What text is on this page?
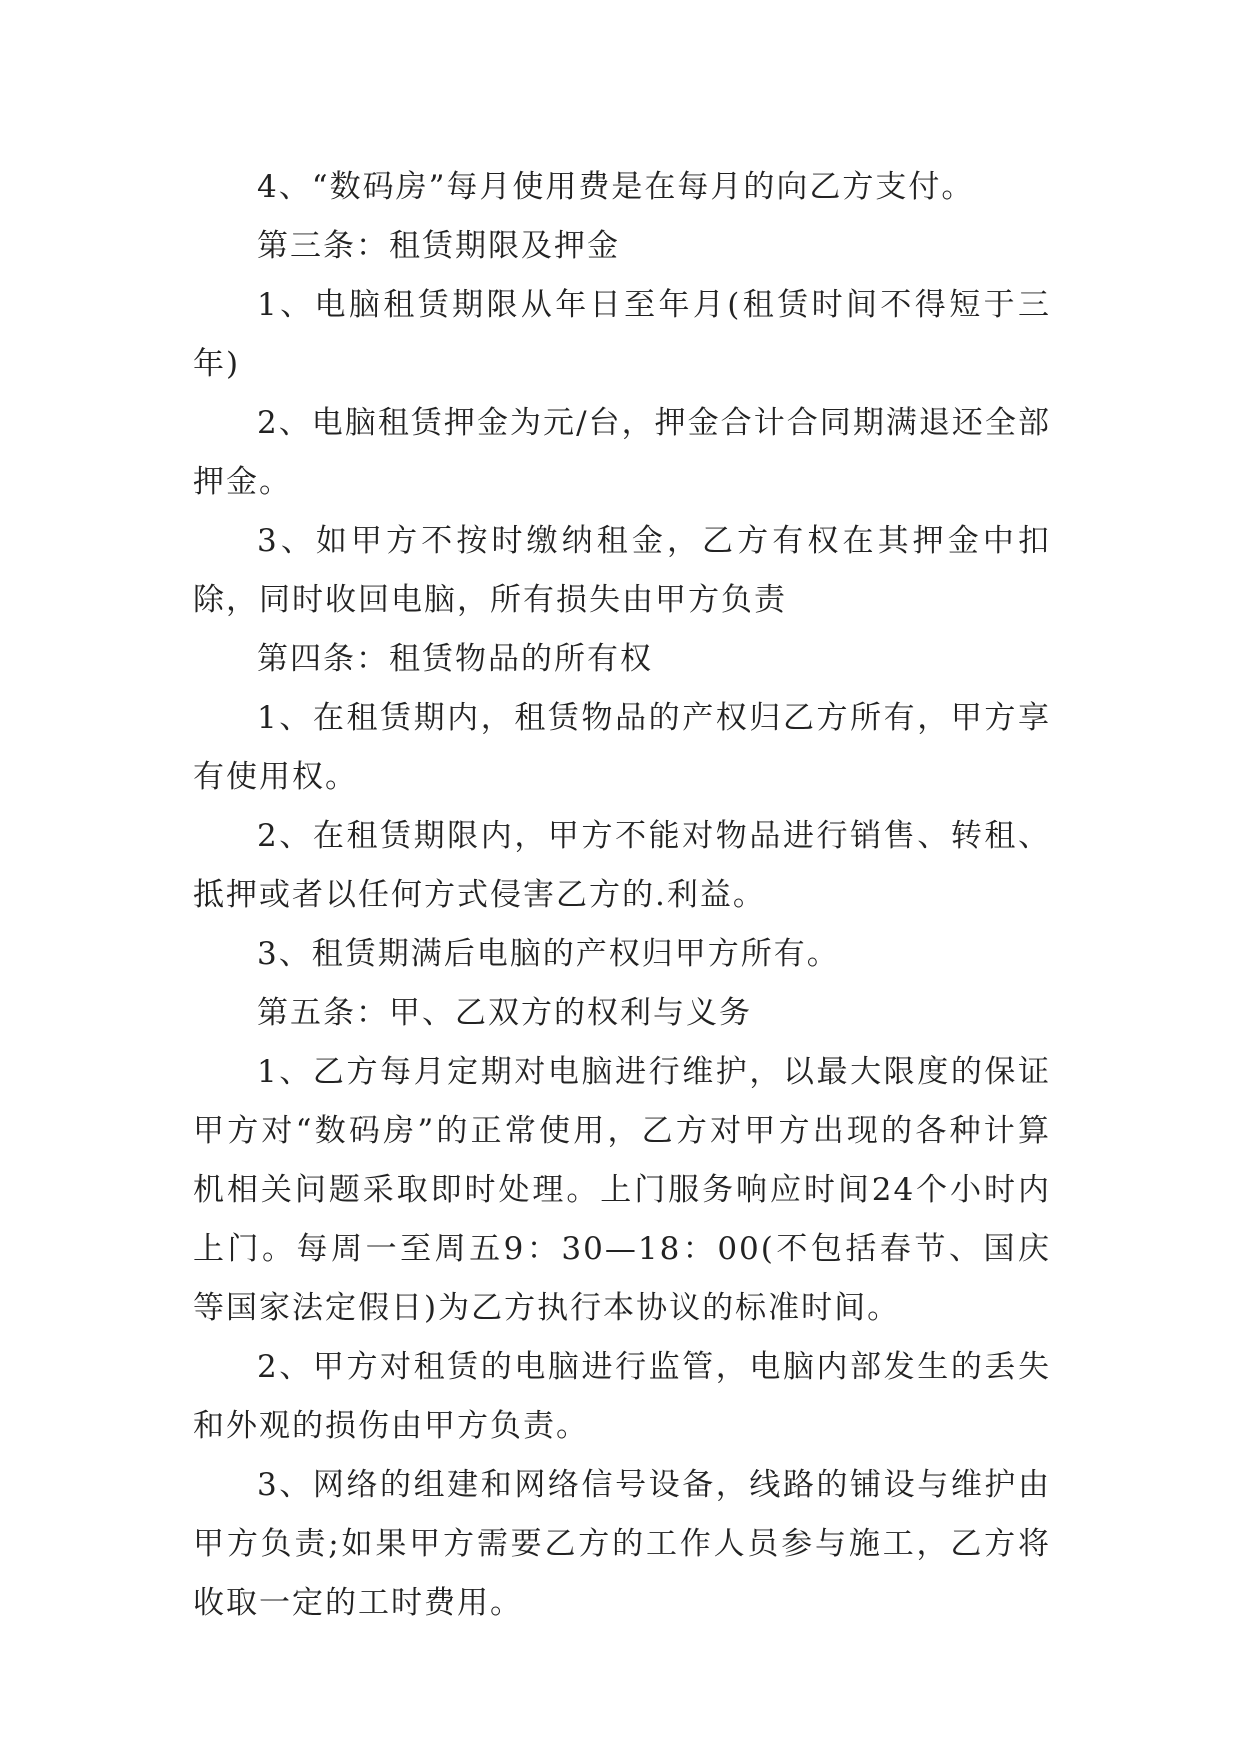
4、“数码房”每月使用费是在每月的向乙方支付。

第三条：租赁期限及押金

1、电脑租赁期限从年日至年月(租赁时间不得短于三年)

2、电脑租赁押金为元/台，押金合计合同期满退还全部押金。

3、如甲方不按时缴纳租金，乙方有权在其押金中扣除，同时收回电脑，所有损失由甲方负责

第四条：租赁物品的所有权

1、在租赁期内，租赁物品的产权归乙方所有，甲方享有使用权。

2、在租赁期限内，甲方不能对物品进行销售、转租、抵押或者以任何方式侵害乙方的.利益。

3、租赁期满后电脑的产权归甲方所有。

第五条：甲、乙双方的权利与义务

1、乙方每月定期对电脑进行维护，以最大限度的保证甲方对“数码房”的正常使用，乙方对甲方出现的各种计算机相关问题采取即时处理。上门服务响应时间24个小时内上门。每周一至周五9：30—18：00(不包括春节、国庆等国家法定假日)为乙方执行本协议的标准时间。

2、甲方对租赁的电脑进行监管，电脑内部发生的丢失和外观的损伤由甲方负责。

3、网络的组建和网络信号设备，线路的铺设与维护由甲方负责;如果甲方需要乙方的工作人员参与施工，乙方将收取一定的工时费用。
